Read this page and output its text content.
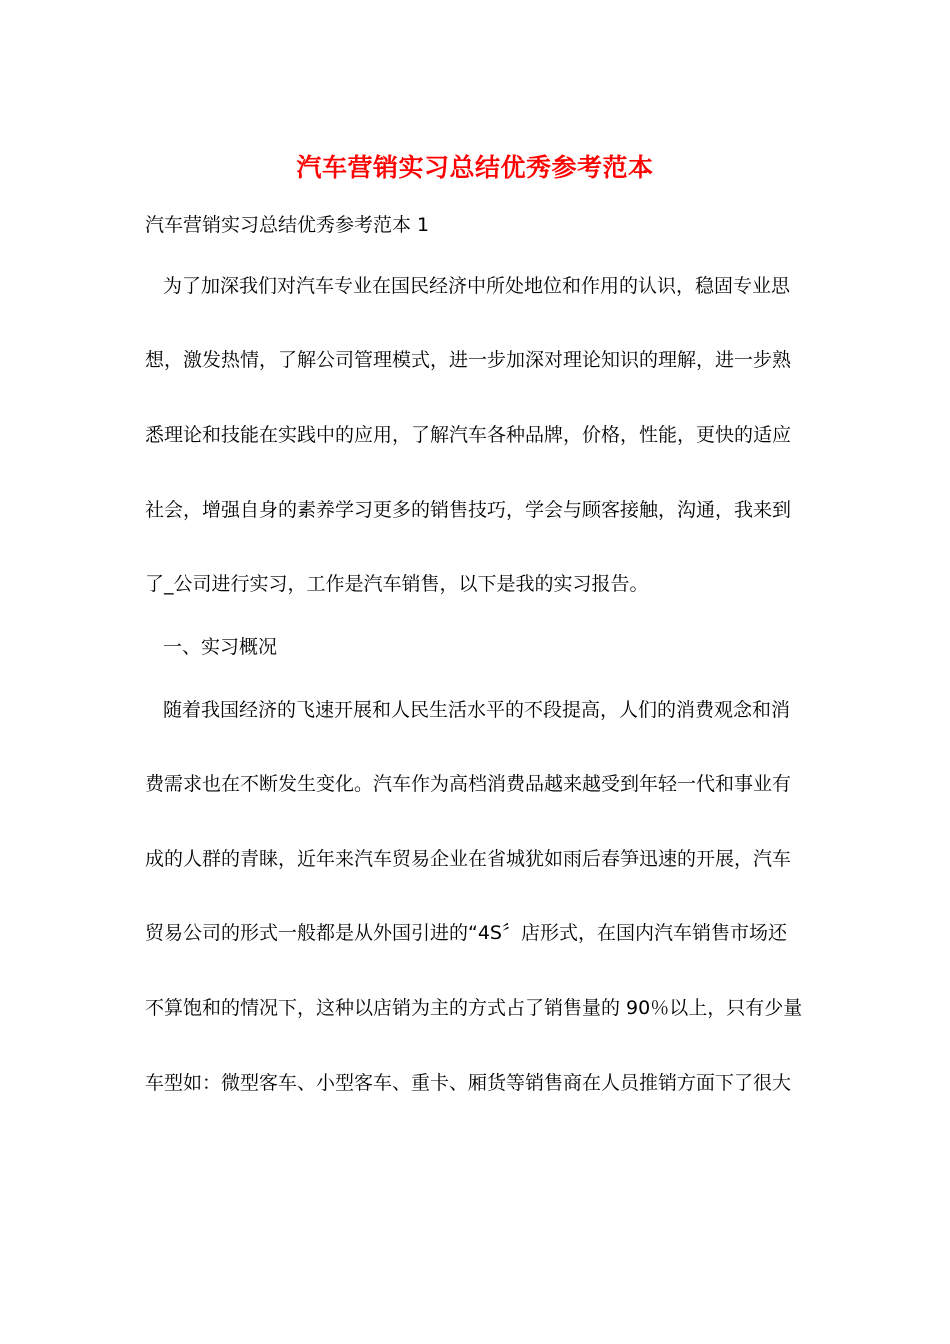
汽车营销实习总结优秀参考范本
汽车营销实习总结优秀参考范本 1
为了加深我们对汽车专业在国民经济中所处地位和作用的认识，稳固专业思
想，激发热情，了解公司管理模式，进一步加深对理论知识的理解，进一步熟
悉理论和技能在实践中的应用，了解汽车各种品牌，价格，性能，更快的适应
社会，增强自身的素养学习更多的销售技巧，学会与顾客接触，沟通，我来到
了_公司进行实习，工作是汽车销售，以下是我的实习报告。
一、实习概况
随着我国经济的飞速开展和人民生活水平的不段提高，人们的消费观念和消
费需求也在不断发生变化。汽车作为高档消费品越来越受到年轻一代和事业有
成的人群的青睐，近年来汽车贸易企业在省城犹如雨后春笋迅速的开展，汽车
贸易公司的形式一般都是从外国引进的“4S〞店形式，在国内汽车销售市场还
不算饱和的情况下，这种以店销为主的方式占了销售量的 90％以上，只有少量
车型如：微型客车、小型客车、重卡、厢货等销售商在人员推销方面下了很大
